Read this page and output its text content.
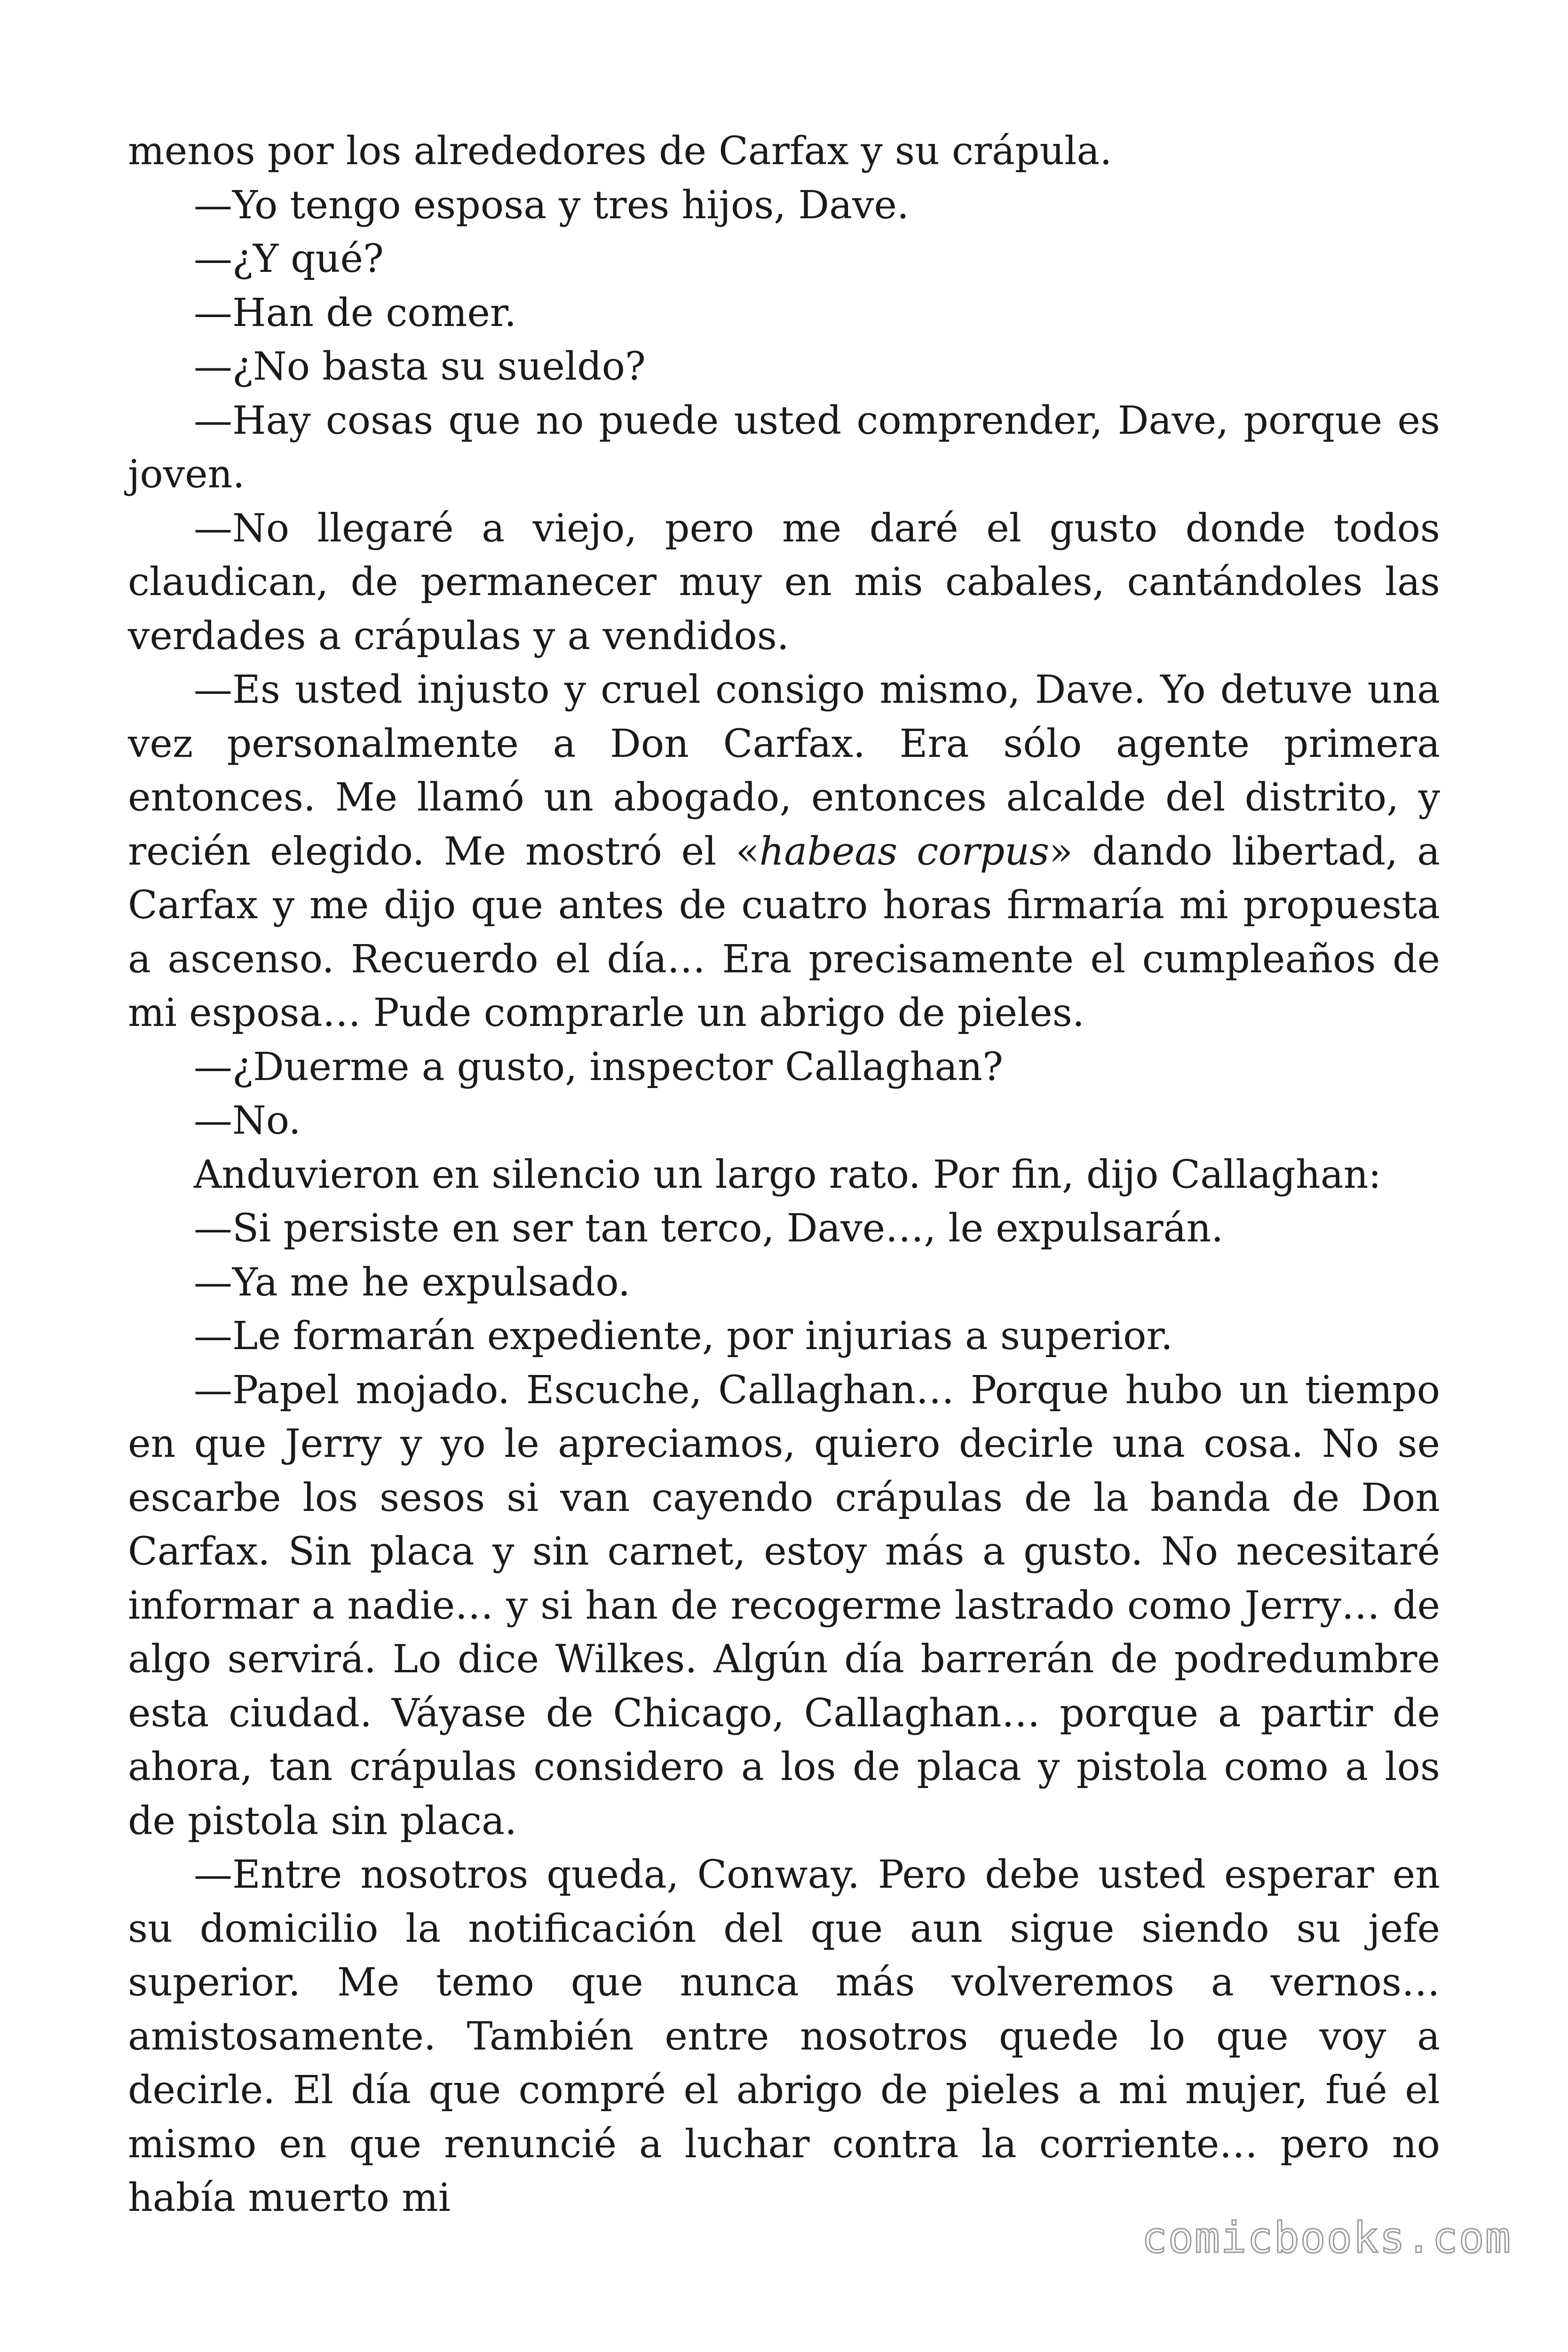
menos por los alrededores de Carfax y su crápula.

—Yo tengo esposa y tres hijos, Dave.

—¿Y qué?

—Han de comer.

—¿No basta su sueldo?

—Hay cosas que no puede usted comprender, Dave, porque es joven.

—No llegaré a viejo, pero me daré el gusto donde todos claudican, de permanecer muy en mis cabales, cantándoles las verdades a crápulas y a vendidos.

—Es usted injusto y cruel consigo mismo, Dave. Yo detuve una vez personalmente a Don Carfax. Era sólo agente primera entonces. Me llamó un abogado, entonces alcalde del distrito, y recién elegido. Me mostró el «habeas corpus» dando libertad, a Carfax y me dijo que antes de cuatro horas firmaría mi propuesta a ascenso. Recuerdo el día… Era precisamente el cumpleaños de mi esposa… Pude comprarle un abrigo de pieles.

—¿Duerme a gusto, inspector Callaghan?

—No.

Anduvieron en silencio un largo rato. Por fin, dijo Callaghan:

—Si persiste en ser tan terco, Dave…, le expulsarán.

—Ya me he expulsado.

—Le formarán expediente, por injurias a superior.

—Papel mojado. Escuche, Callaghan… Porque hubo un tiempo en que Jerry y yo le apreciamos, quiero decirle una cosa. No se escarbe los sesos si van cayendo crápulas de la banda de Don Carfax. Sin placa y sin carnet, estoy más a gusto. No necesitaré informar a nadie… y si han de recogerme lastrado como Jerry… de algo servirá. Lo dice Wilkes. Algún día barrerán de podredumbre esta ciudad. Váyase de Chicago, Callaghan… porque a partir de ahora, tan crápulas considero a los de placa y pistola como a los de pistola sin placa.

—Entre nosotros queda, Conway. Pero debe usted esperar en su domicilio la notificación del que aun sigue siendo su jefe superior. Me temo que nunca más volveremos a vernos… amistosamente. También entre nosotros quede lo que voy a decirle. El día que compré el abrigo de pieles a mi mujer, fué el mismo en que renuncié a luchar contra la corriente… pero no había muerto mi

comicbooks.com
